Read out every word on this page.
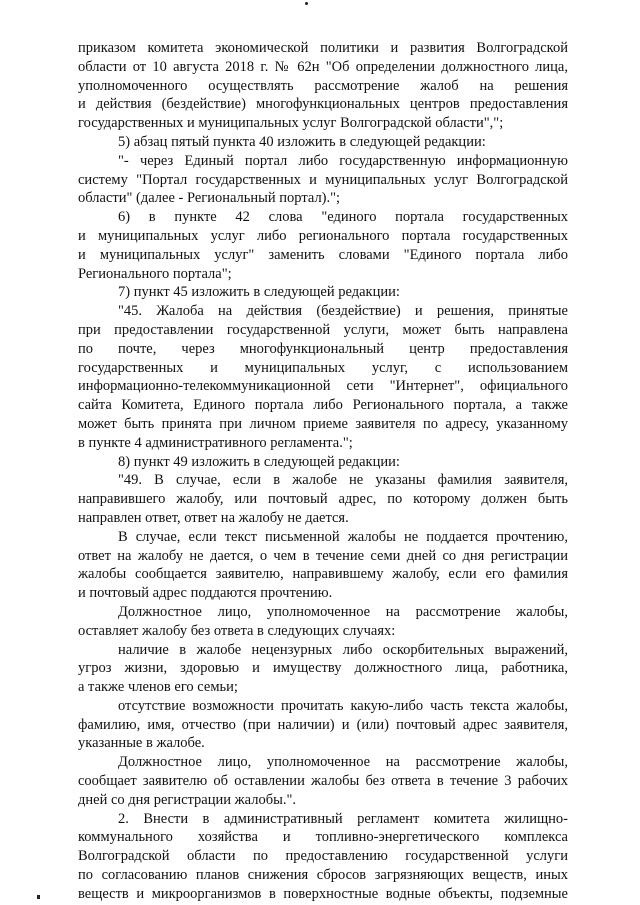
приказом комитета экономической политики и развития Волгоградской
области от 10 августа 2018 г. № 62н "Об определении должностного лица,
уполномоченного осуществлять рассмотрение жалоб на решения
и действия (бездействие) многофункциональных центров предоставления
государственных и муниципальных услуг Волгоградской области",";
5) абзац пятый пункта 40 изложить в следующей редакции:
"- через Единый портал либо государственную информационную
систему "Портал государственных и муниципальных услуг Волгоградской
области" (далее - Региональный портал).";
6) в пункте 42 слова "единого портала государственных
и муниципальных услуг либо регионального портала государственных
и муниципальных услуг" заменить словами "Единого портала либо
Регионального портала";
7) пункт 45 изложить в следующей редакции:
"45. Жалоба на действия (бездействие) и решения, принятые
при предоставлении государственной услуги, может быть направлена
по почте, через многофункциональный центр предоставления
государственных и муниципальных услуг, с использованием
информационно-телекоммуникационной сети "Интернет", официального
сайта Комитета, Единого портала либо Регионального портала, а также
может быть принята при личном приеме заявителя по адресу, указанному
в пункте 4 административного регламента.";
8) пункт 49 изложить в следующей редакции:
"49. В случае, если в жалобе не указаны фамилия заявителя,
направившего жалобу, или почтовый адрес, по которому должен быть
направлен ответ, ответ на жалобу не дается.
В случае, если текст письменной жалобы не поддается прочтению,
ответ на жалобу не дается, о чем в течение семи дней со дня регистрации
жалобы сообщается заявителю, направившему жалобу, если его фамилия
и почтовый адрес поддаются прочтению.
Должностное лицо, уполномоченное на рассмотрение жалобы,
оставляет жалобу без ответа в следующих случаях:
наличие в жалобе нецензурных либо оскорбительных выражений,
угроз жизни, здоровью и имуществу должностного лица, работника,
а также членов его семьи;
отсутствие возможности прочитать какую-либо часть текста жалобы,
фамилию, имя, отчество (при наличии) и (или) почтовый адрес заявителя,
указанные в жалобе.
Должностное лицо, уполномоченное на рассмотрение жалобы,
сообщает заявителю об оставлении жалобы без ответа в течение 3 рабочих
дней со дня регистрации жалобы.".
2. Внести в административный регламент комитета жилищно-
коммунального хозяйства и топливно-энергетического комплекса
Волгоградской области по предоставлению государственной услуги
по согласованию планов снижения сбросов загрязняющих веществ, иных
веществ и микроорганизмов в поверхностные водные объекты, подземные
